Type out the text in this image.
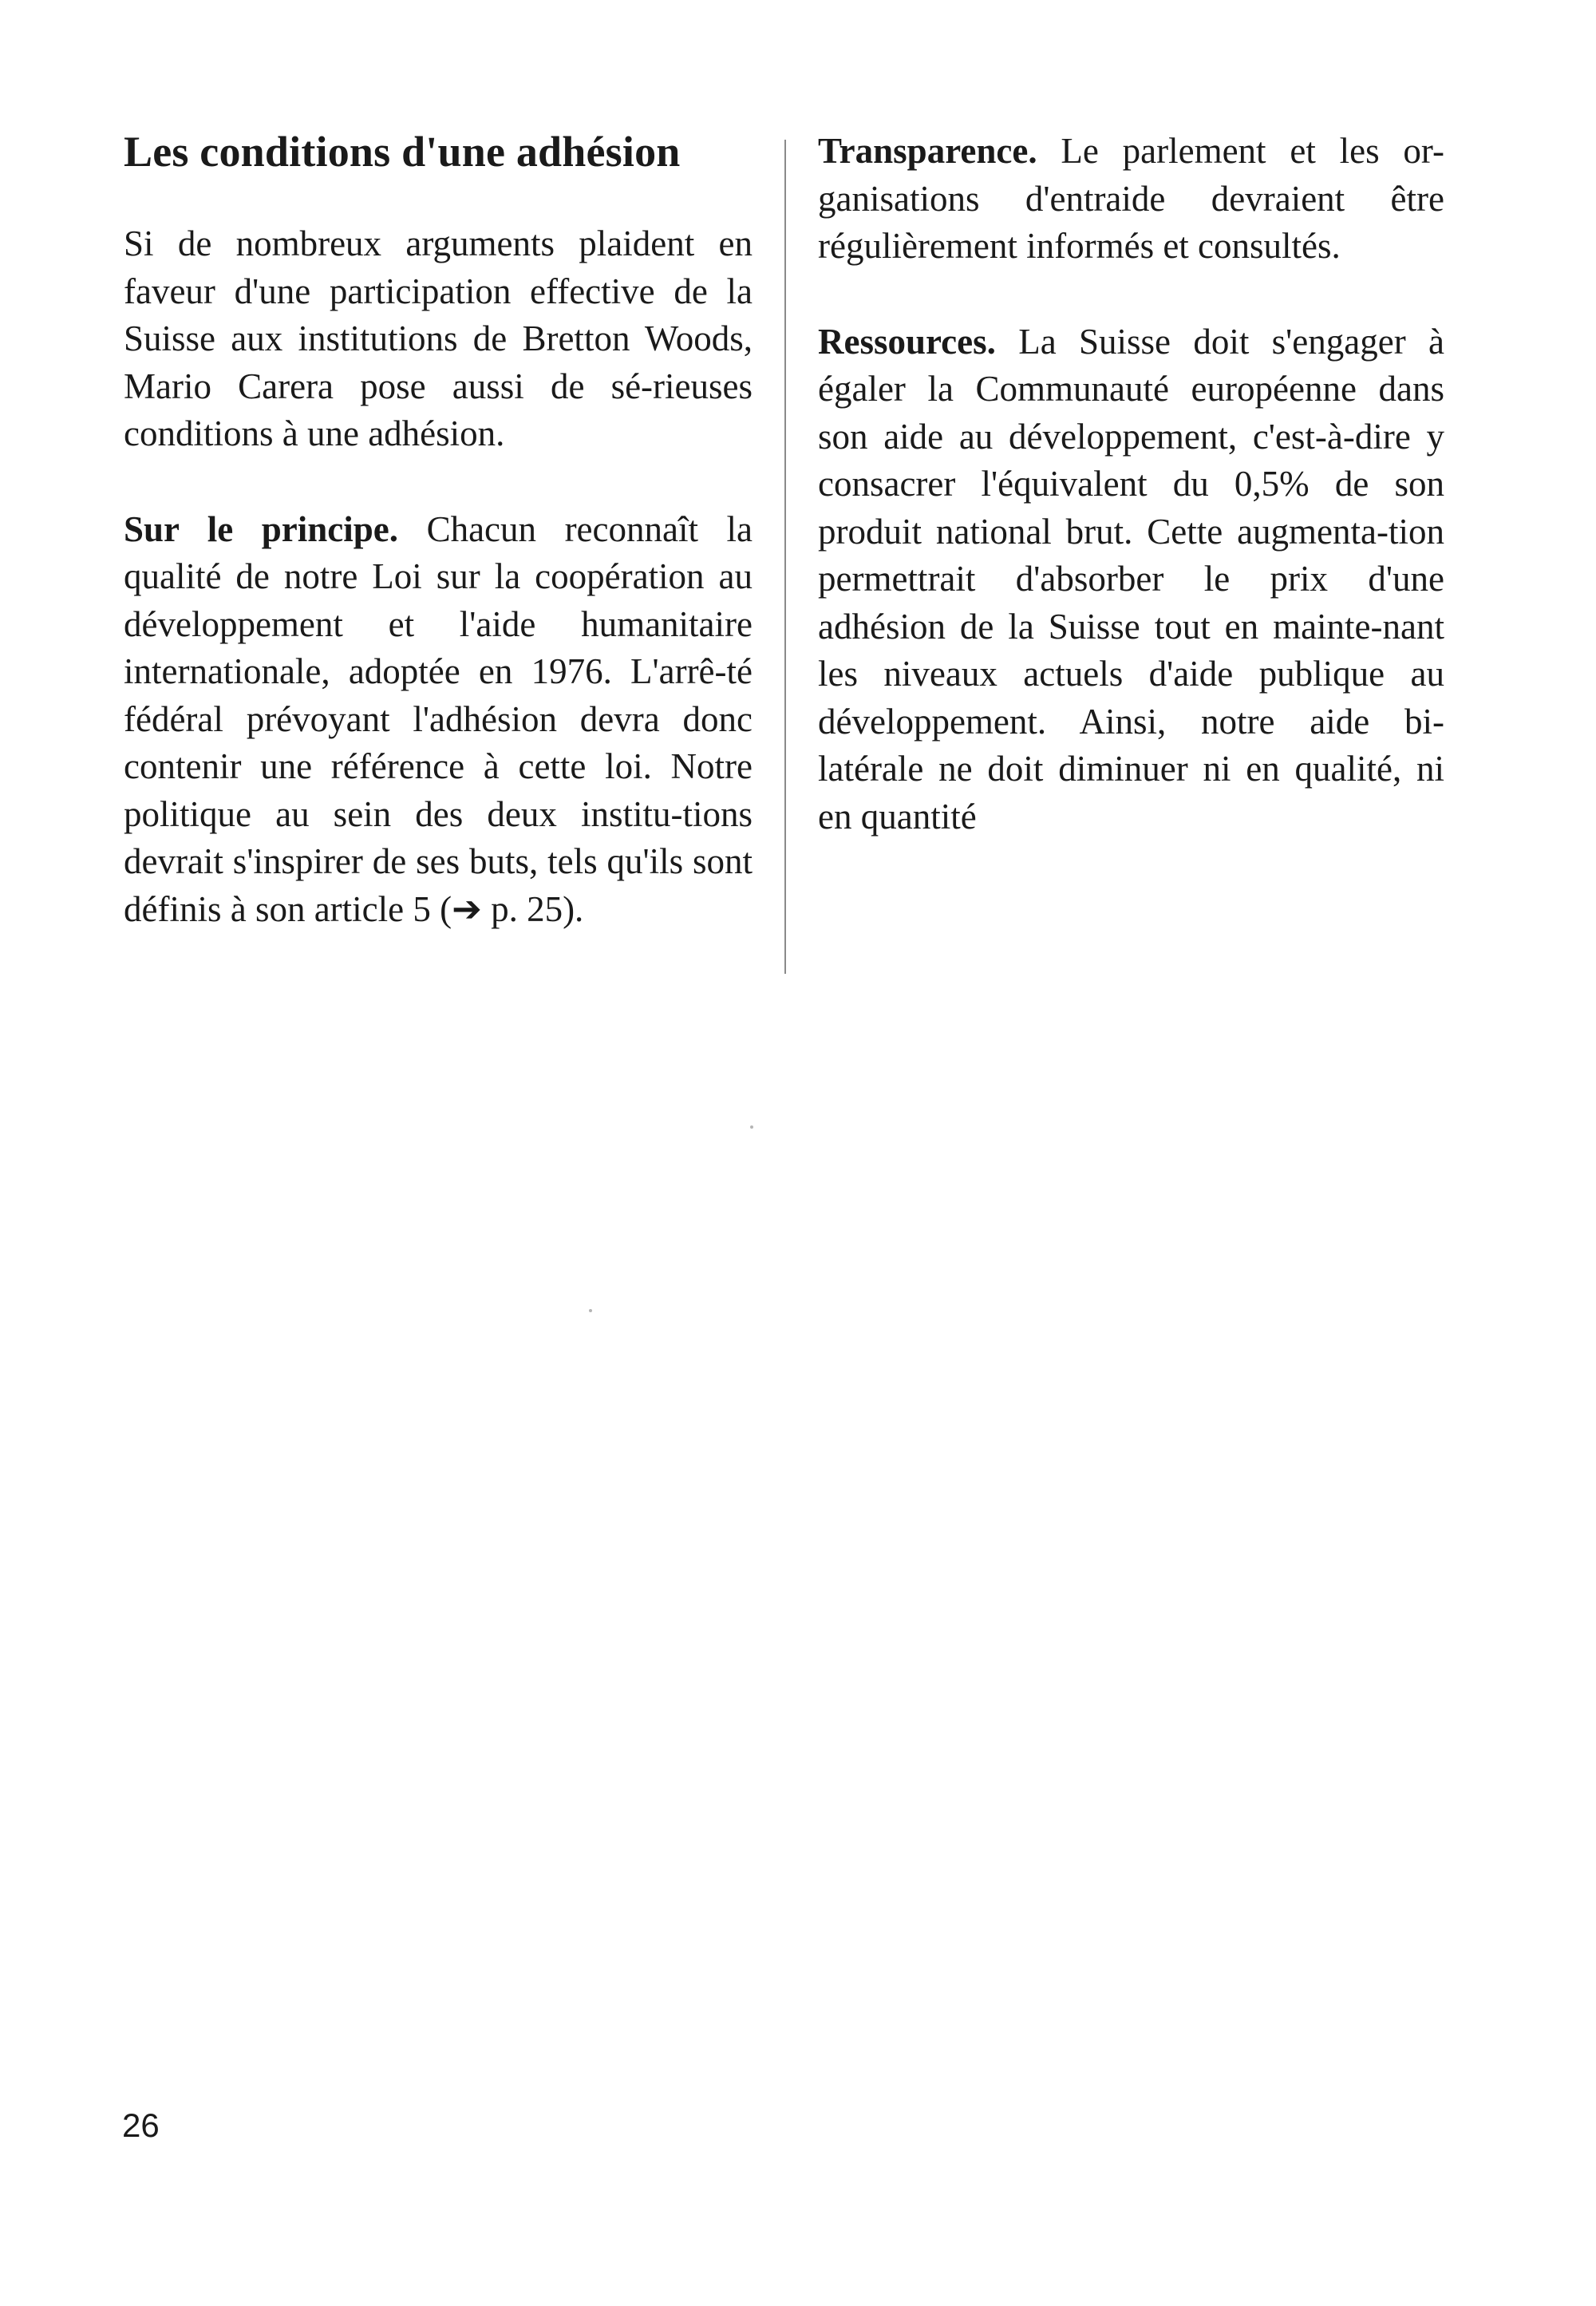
Les conditions d'une adhésion

Si de nombreux arguments plaident en faveur d'une participation effective de la Suisse aux institutions de Bretton Woods, Mario Carera pose aussi de sé-rieuses conditions à une adhésion.

Sur le principe. Chacun reconnaît la qualité de notre Loi sur la coopération au développement et l'aide humanitaire internationale, adoptée en 1976. L'arrê-té fédéral prévoyant l'adhésion devra donc contenir une référence à cette loi. Notre politique au sein des deux institu-tions devrait s'inspirer de ses buts, tels qu'ils sont définis à son article 5 (➔ p. 25).

Transparence. Le parlement et les or-ganisations d'entraide devraient être régulièrement informés et consultés.

Ressources. La Suisse doit s'engager à égaler la Communauté européenne dans son aide au développement, c'est-à-dire y consacrer l'équivalent du 0,5% de son produit national brut. Cette augmenta-tion permettrait d'absorber le prix d'une adhésion de la Suisse tout en mainte-nant les niveaux actuels d'aide publique au développement. Ainsi, notre aide bi-latérale ne doit diminuer ni en qualité, ni en quantité

26
